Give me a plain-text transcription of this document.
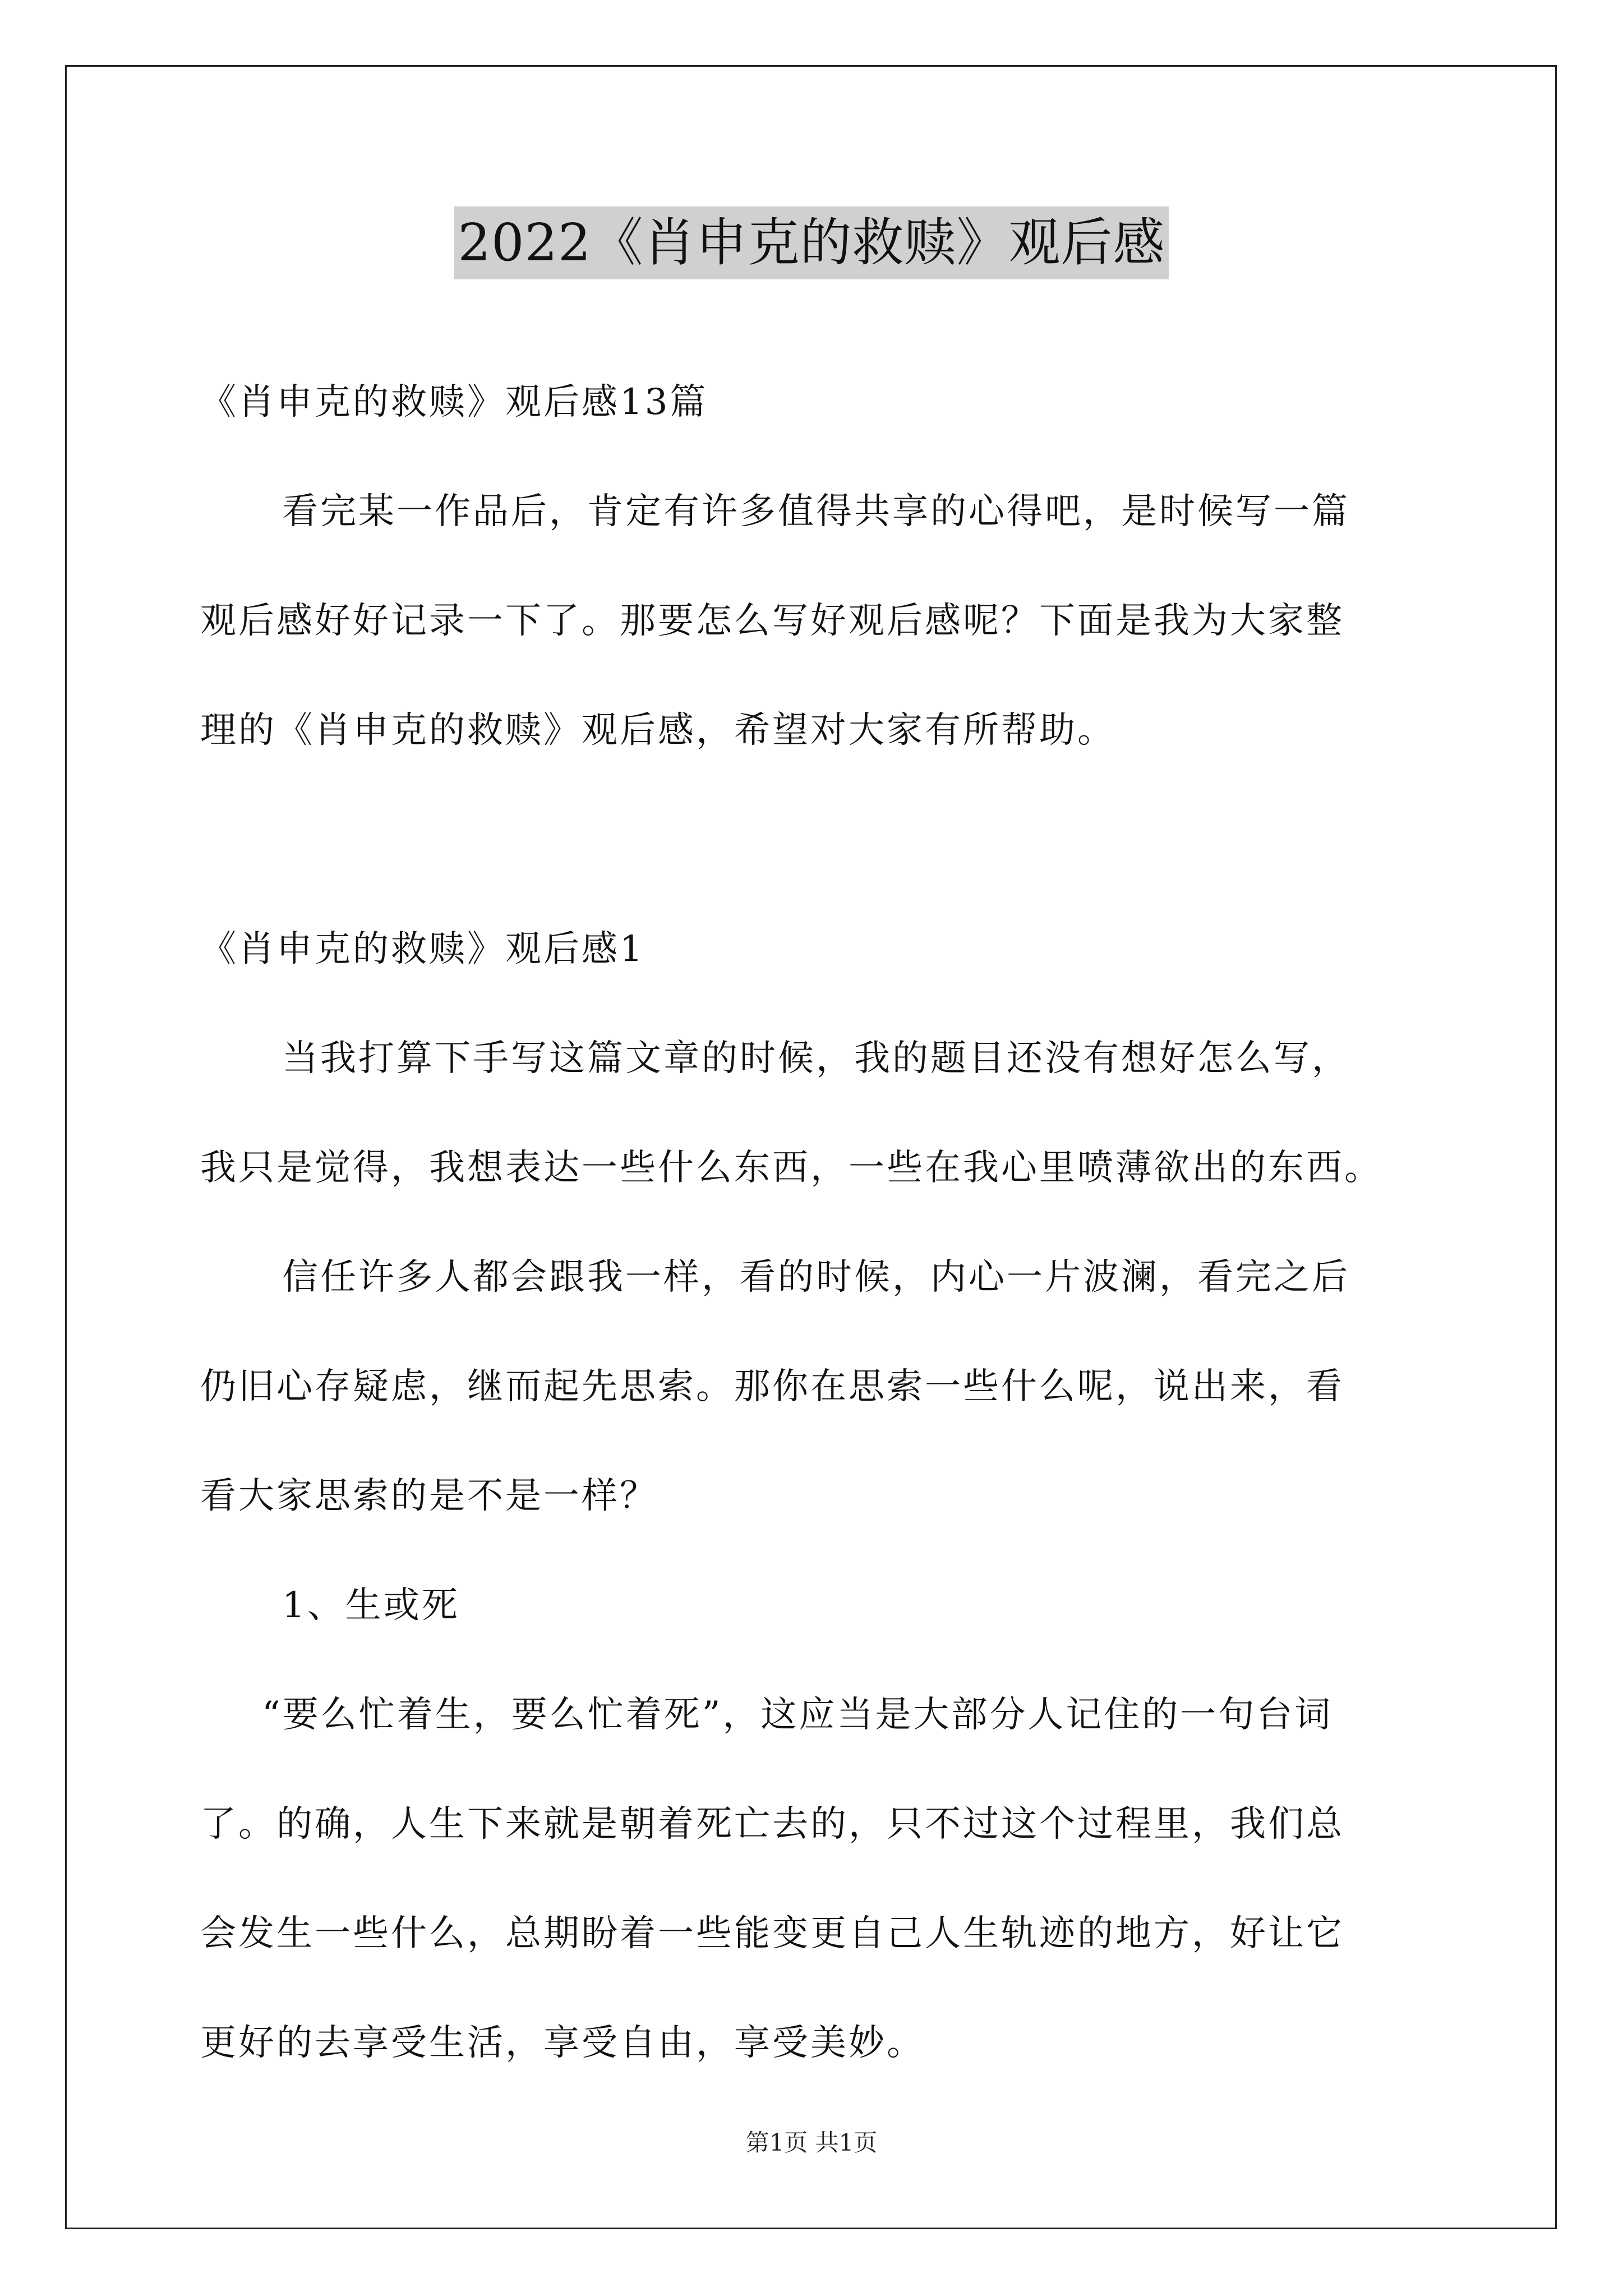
2022《肖申克的救赎》观后感
《肖申克的救赎》观后感13篇
看完某一作品后，肯定有许多值得共享的心得吧，是时候写一篇
观后感好好记录一下了。那要怎么写好观后感呢？下面是我为大家整
理的《肖申克的救赎》观后感，希望对大家有所帮助。
《肖申克的救赎》观后感1
当我打算下手写这篇文章的时候，我的题目还没有想好怎么写，
我只是觉得，我想表达一些什么东西，一些在我心里喷薄欲出的东西。
信任许多人都会跟我一样，看的时候，内心一片波澜，看完之后
仍旧心存疑虑，继而起先思索。那你在思索一些什么呢，说出来，看
看大家思索的是不是一样？
1、生或死
“要么忙着生，要么忙着死”，这应当是大部分人记住的一句台词
了。的确，人生下来就是朝着死亡去的，只不过这个过程里，我们总
会发生一些什么，总期盼着一些能变更自己人生轨迹的地方，好让它
更好的去享受生活，享受自由，享受美妙。
第1页 共1页
